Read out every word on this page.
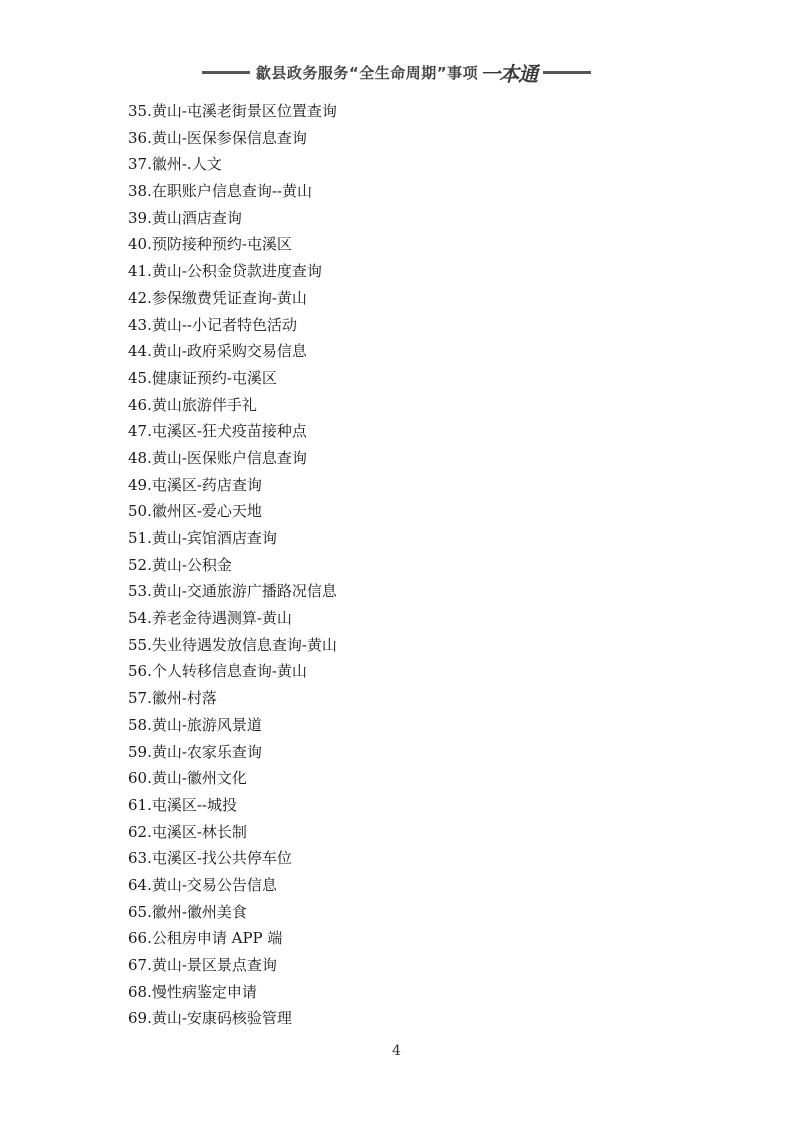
歙县政务服务“全生命周期”事项 一本通
35.黄山-屯溪老街景区位置查询
36.黄山-医保参保信息查询
37.徽州-.人文
38.在职账户信息查询--黄山
39.黄山酒店查询
40.预防接种预约-屯溪区
41.黄山-公积金贷款进度查询
42.参保缴费凭证查询-黄山
43.黄山--小记者特色活动
44.黄山-政府采购交易信息
45.健康证预约-屯溪区
46.黄山旅游伴手礼
47.屯溪区-狂犬疫苗接种点
48.黄山-医保账户信息查询
49.屯溪区-药店查询
50.徽州区-爱心天地
51.黄山-宾馆酒店查询
52.黄山-公积金
53.黄山-交通旅游广播路况信息
54.养老金待遇测算-黄山
55.失业待遇发放信息查询-黄山
56.个人转移信息查询-黄山
57.徽州-村落
58.黄山-旅游风景道
59.黄山-农家乐查询
60.黄山-徽州文化
61.屯溪区--城投
62.屯溪区-林长制
63.屯溪区-找公共停车位
64.黄山-交易公告信息
65.徽州-徽州美食
66.公租房申请 APP 端
67.黄山-景区景点查询
68.慢性病鉴定申请
69.黄山-安康码核验管理
4
